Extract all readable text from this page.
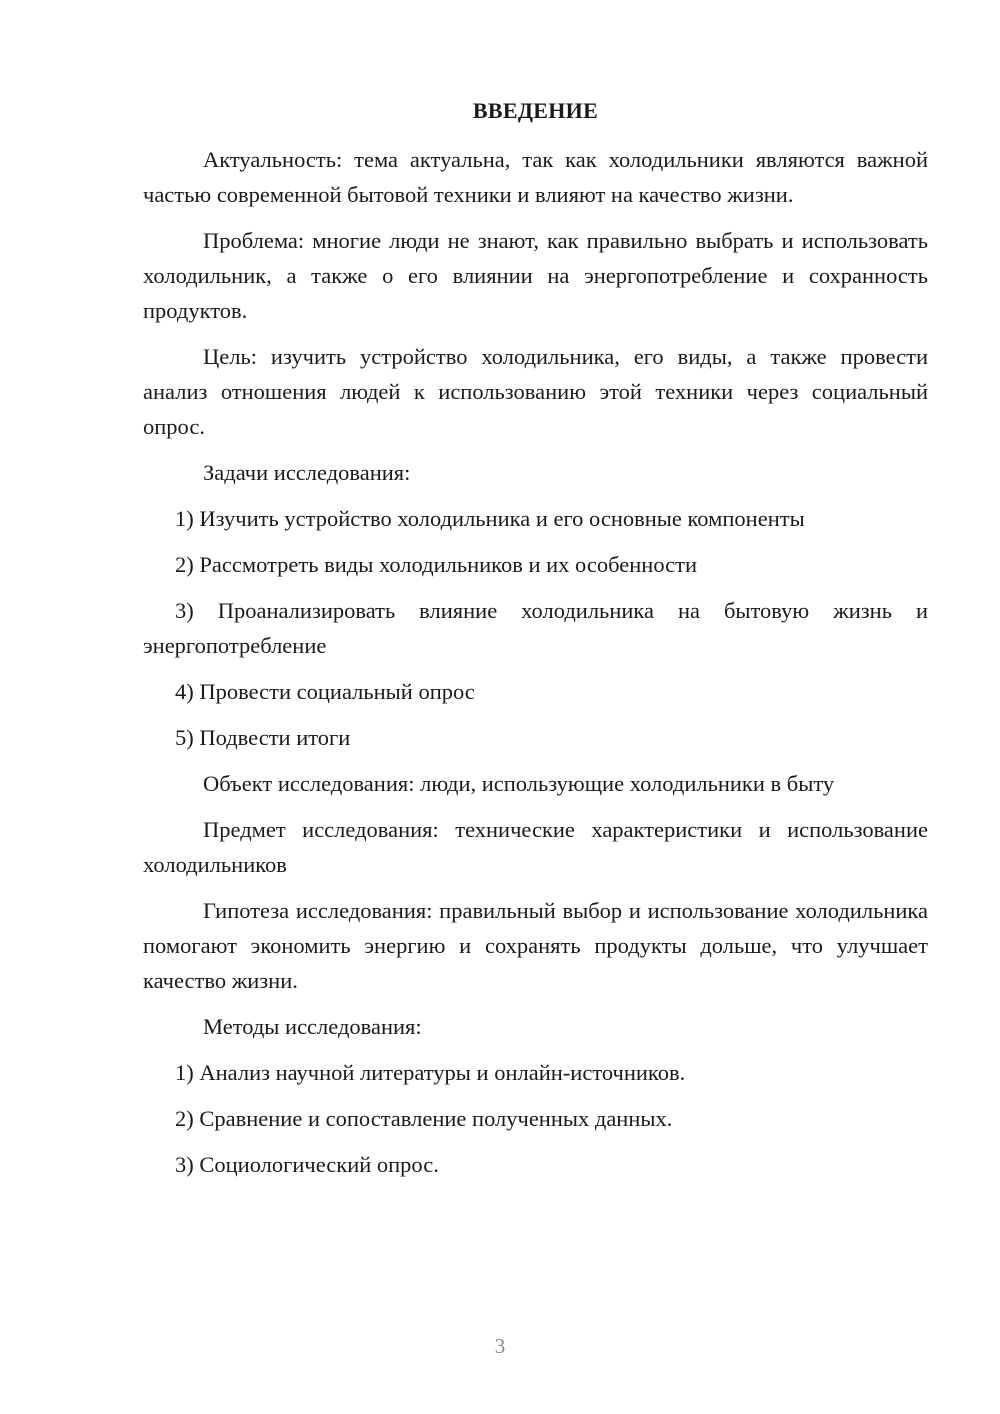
ВВЕДЕНИЕ

Актуальность: тема актуальна, так как холодильники являются важной частью современной бытовой техники и влияют на качество жизни.

Проблема: многие люди не знают, как правильно выбрать и использовать холодильник, а также о его влиянии на энергопотребление и сохранность продуктов.

Цель: изучить устройство холодильника, его виды, а также провести анализ отношения людей к использованию этой техники через социальный опрос.

Задачи исследования:

1) Изучить устройство холодильника и его основные компоненты

2) Рассмотреть виды холодильников и их особенности

3) Проанализировать влияние холодильника на бытовую жизнь и энергопотребление

4) Провести социальный опрос

5) Подвести итоги

Объект исследования: люди, использующие холодильники в быту

Предмет исследования: технические характеристики и использование холодильников

Гипотеза исследования: правильный выбор и использование холодильника помогают экономить энергию и сохранять продукты дольше, что улучшает качество жизни.

Методы исследования:

1) Анализ научной литературы и онлайн-источников.

2) Сравнение и сопоставление полученных данных.

3) Социологический опрос.

3
